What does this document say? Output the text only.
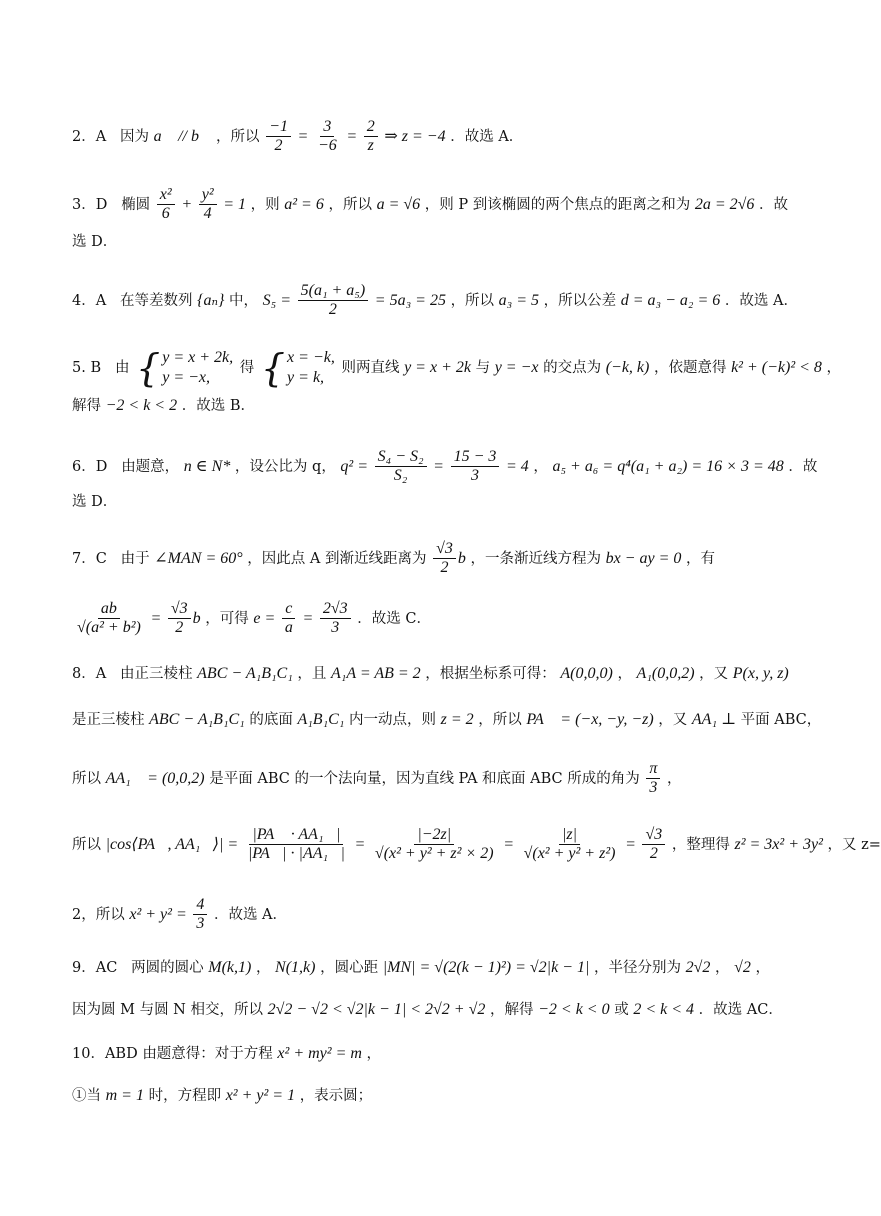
2．A 因为 a⃗ // b⃗ ，所以 $\frac{-1}{2} = \frac{3}{-6} = \frac{2}{z}$ ⇒ z = −4 ．故选 A．
3．D 椭圆 $\frac{\text{x²}}{6} + \frac{\text{y²}}{4} = 1$ ，则 a² = 6 ，所以 a = √6 ，则 P 到该椭圆的两个焦点的距离之和为 2a = 2√6 ．故
选 D．
4．A 在等差数列 {aₙ} 中， $S_5 = \frac{\text{5(a₁ + a₅)}}{2} = 5a_3 = 25$ ，所以 a₃ = 5 ，所以公差 d = a₃ − a₂ = 6 ．故选 A．
5. B 由 { y = x + 2k,
y = −x,
得 { x = −k,
y = k,
则两直线 y = x + 2k 与 y = −x 的交点为 (−k, k) ，依题意得 k² + (−k)² < 8 ，
解得 −2 < k < 2 ．故选 B．
6．D 由题意， n ∈ N* ，设公比为 q， $q^2 = \frac{\text{S₄ − S₂}}{\text{S₂}} = \frac{15 - 3}{3} = 4$ ， a₅ + a₆ = q⁴(a₁ + a₂) = 16 × 3 = 48 ．故
选 D．
7．C 由于 ∠MAN = 60° ，因此点 A 到渐近线距离为 $\frac{√3}{2}$ b ，一条渐近线方程为 bx − ay = 0 ，有
$\frac{ab}{\text{√(a² + b²)}} = \frac{√3}{2}$ b ，可得 $e = \frac{c}{a} = \frac{2√3}{3}$ ．故选 C．
8．A 由正三棱柱 ABC − A₁B₁C₁ ，且 A₁A = AB = 2 ，根据坐标系可得： A(0,0,0) ， A₁(0,0,2) ，又 P(x, y, z)
是正三棱柱 ABC − A₁B₁C₁ 的底面 A₁B₁C₁ 内一动点，则 z = 2 ，所以 PA⃗ = (−x, −y, −z) ，又 AA₁ ⊥ 平面 ABC，
所以 AA₁⃗ = (0,0,2) 是平面 ABC 的一个法向量，因为直线 PA 和底面 ABC 所成的角为 $\frac{\pi}{3}$ ，
所以 |cos⟨PA⃗, AA₁⃗⟩| = $\frac{\text{|PA⃗ · AA₁⃗|}}{\text{|PA⃗| · |AA₁⃗|}} = \frac{|-2z|}{\text{√(x² + y² + z² × 2)}} = \frac{|z|}{\text{√(x² + y² + z²)}} = \frac{√3}{2}$ ，整理得 z² = 3x² + 3y² ，又 z=
2，所以 $x^2 + y^2 = \frac{4}{3}$ ．故选 A．
9．AC 两圆的圆心 M(k,1) ， N(1,k) ，圆心距 |MN| = √(2(k − 1)²) = √2|k − 1| ，半径分别为 2√2 ， √2 ，
因为圆 M 与圆 N 相交，所以 2√2 − √2 < √2|k − 1| < 2√2 + √2 ，解得 −2 < k < 0 或 2 < k < 4 ．故选 AC．
10．ABD 由题意得：对于方程 x² + my² = m ，
①当 m = 1 时，方程即 x² + y² = 1 ，表示圆；
